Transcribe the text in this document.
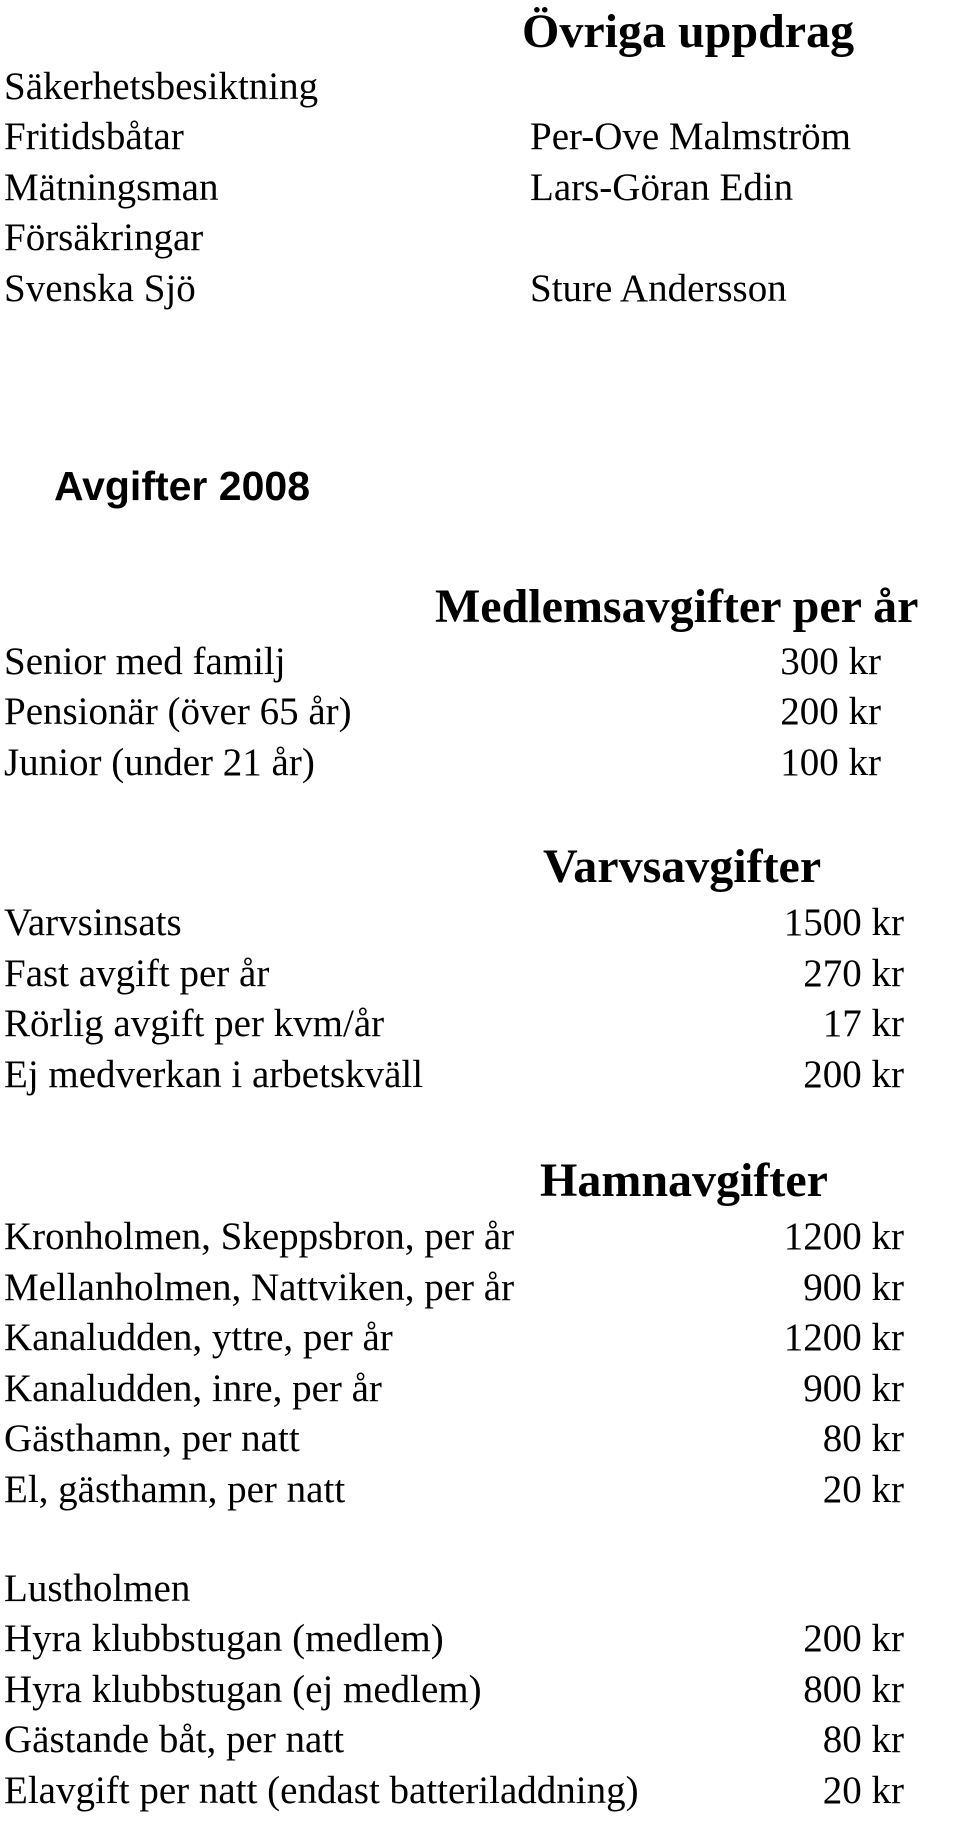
Övriga uppdrag
Säkerhetsbesiktning
Fritidsbåtar
Mätningsman
Försäkringar
Svenska Sjö
Per-Ove Malmström
Lars-Göran Edin
Sture Andersson
Avgifter 2008
Medlemsavgifter per år
Senior med familj
Pensionär (över 65 år)
Junior (under 21 år)
300 kr
200 kr
100 kr
Varvsavgifter
Varvsinsats
Fast avgift per år
Rörlig avgift per kvm/år
Ej medverkan i arbetskväll
1500 kr
270 kr
17 kr
200 kr
Hamnavgifter
Kronholmen, Skeppsbron, per år
Mellanholmen, Nattviken, per år
Kanaludden, yttre, per år
Kanaludden, inre, per år
Gästhamn, per natt
El, gästhamn, per natt
1200 kr
900 kr
1200 kr
900 kr
80 kr
20 kr
Lustholmen
Hyra klubbstugan (medlem)
Hyra klubbstugan (ej medlem)
Gästande båt, per natt
Elavgift per natt (endast batteriladdning)
200 kr
800 kr
80 kr
20 kr
